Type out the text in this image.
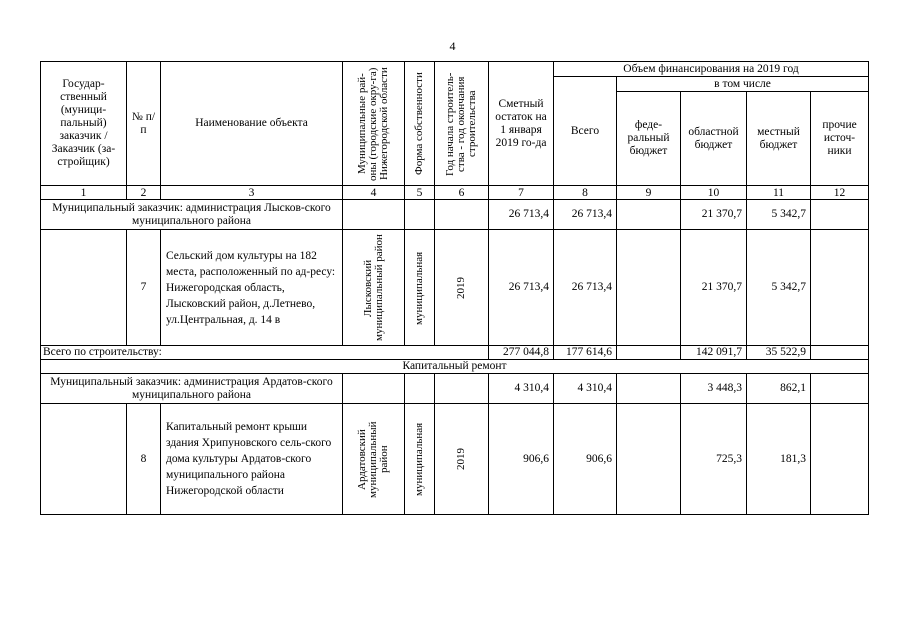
4
Государ-ственный (муници-пальный) заказчик / Заказчик (за-стройщик)	№ п/п	Наименование объекта	Муниципальные рай-оны (городские окру-га) Нижегородской области	Форма собственности	Год начала строитель-ства - год окончания строительства	Сметный остаток на 1 января 2019 го-да	Объем финансирования на 2019 год				
							Всего	в том числе			
								феде-ральный бюджет	областной бюджет	местный бюджет	прочие источ-ники
1	2	3	4	5	6	7	8	9	10	11	12
Муниципальный заказчик: администрация Лысков-ского муниципального района						26 713,4	26 713,4		21 370,7	5 342,7	
	7	Сельский дом культуры на 182 места, расположенный по ад-ресу: Нижегородская область, Лысковский район, д.Летнево, ул.Центральная, д. 14 в	Лысковский муниципальный район	муниципальная	2019	26 713,4	26 713,4		21 370,7	5 342,7	
Всего по строительству:						277 044,8	177 614,6		142 091,7	35 522,9	
Капитальный ремонт											
Муниципальный заказчик: администрация Ардатов-ского муниципального района						4 310,4	4 310,4		3 448,3	862,1	
	8	Капитальный ремонт крыши здания Хрипуновского сель-ского дома культуры Ардатов-ского муниципального района Нижегородской области	Ардатовский муниципальный район	муниципальная	2019	906,6	906,6		725,3	181,3	
